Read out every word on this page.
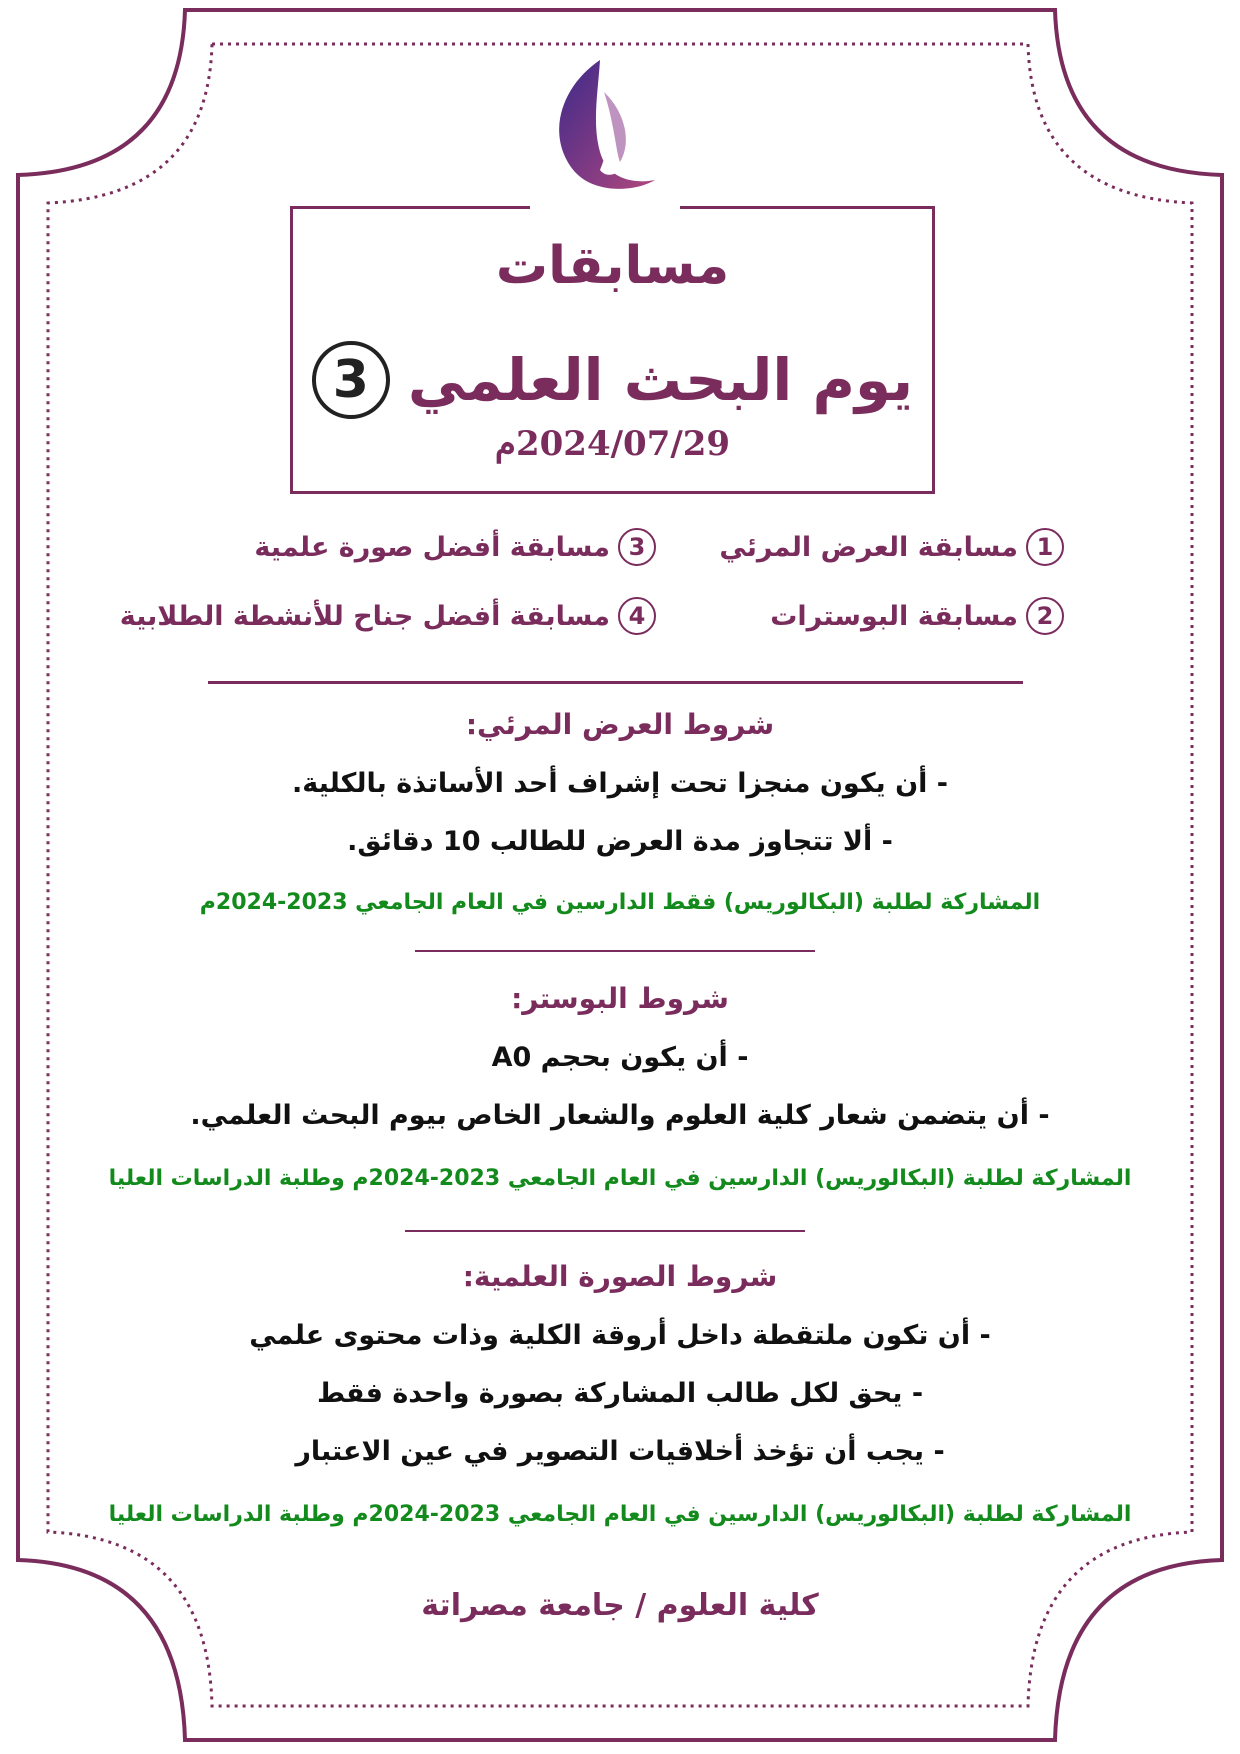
مسابقات
يوم البحث العلمي
3
2024/07/29م
1
مسابقة العرض المرئي
2
مسابقة البوسترات
3
مسابقة أفضل صورة علمية
4
مسابقة أفضل جناح للأنشطة الطلابية
شروط العرض المرئي:
- أن يكون منجزا تحت إشراف أحد الأساتذة بالكلية.
- ألا تتجاوز مدة العرض للطالب 10 دقائق.
المشاركة لطلبة (البكالوريس) فقط الدارسين في العام الجامعي 2023-2024م
شروط البوستر:
- أن يكون بحجم A0
- أن يتضمن شعار كلية العلوم والشعار الخاص بيوم البحث العلمي.
المشاركة لطلبة (البكالوريس) الدارسين في العام الجامعي 2023-2024م وطلبة الدراسات العليا
شروط الصورة العلمية:
- أن تكون ملتقطة داخل أروقة الكلية وذات محتوى علمي
- يحق لكل طالب المشاركة بصورة واحدة فقط
- يجب أن تؤخذ أخلاقيات التصوير في عين الاعتبار
المشاركة لطلبة (البكالوريس) الدارسين في العام الجامعي 2023-2024م وطلبة الدراسات العليا
كلية العلوم / جامعة مصراتة
